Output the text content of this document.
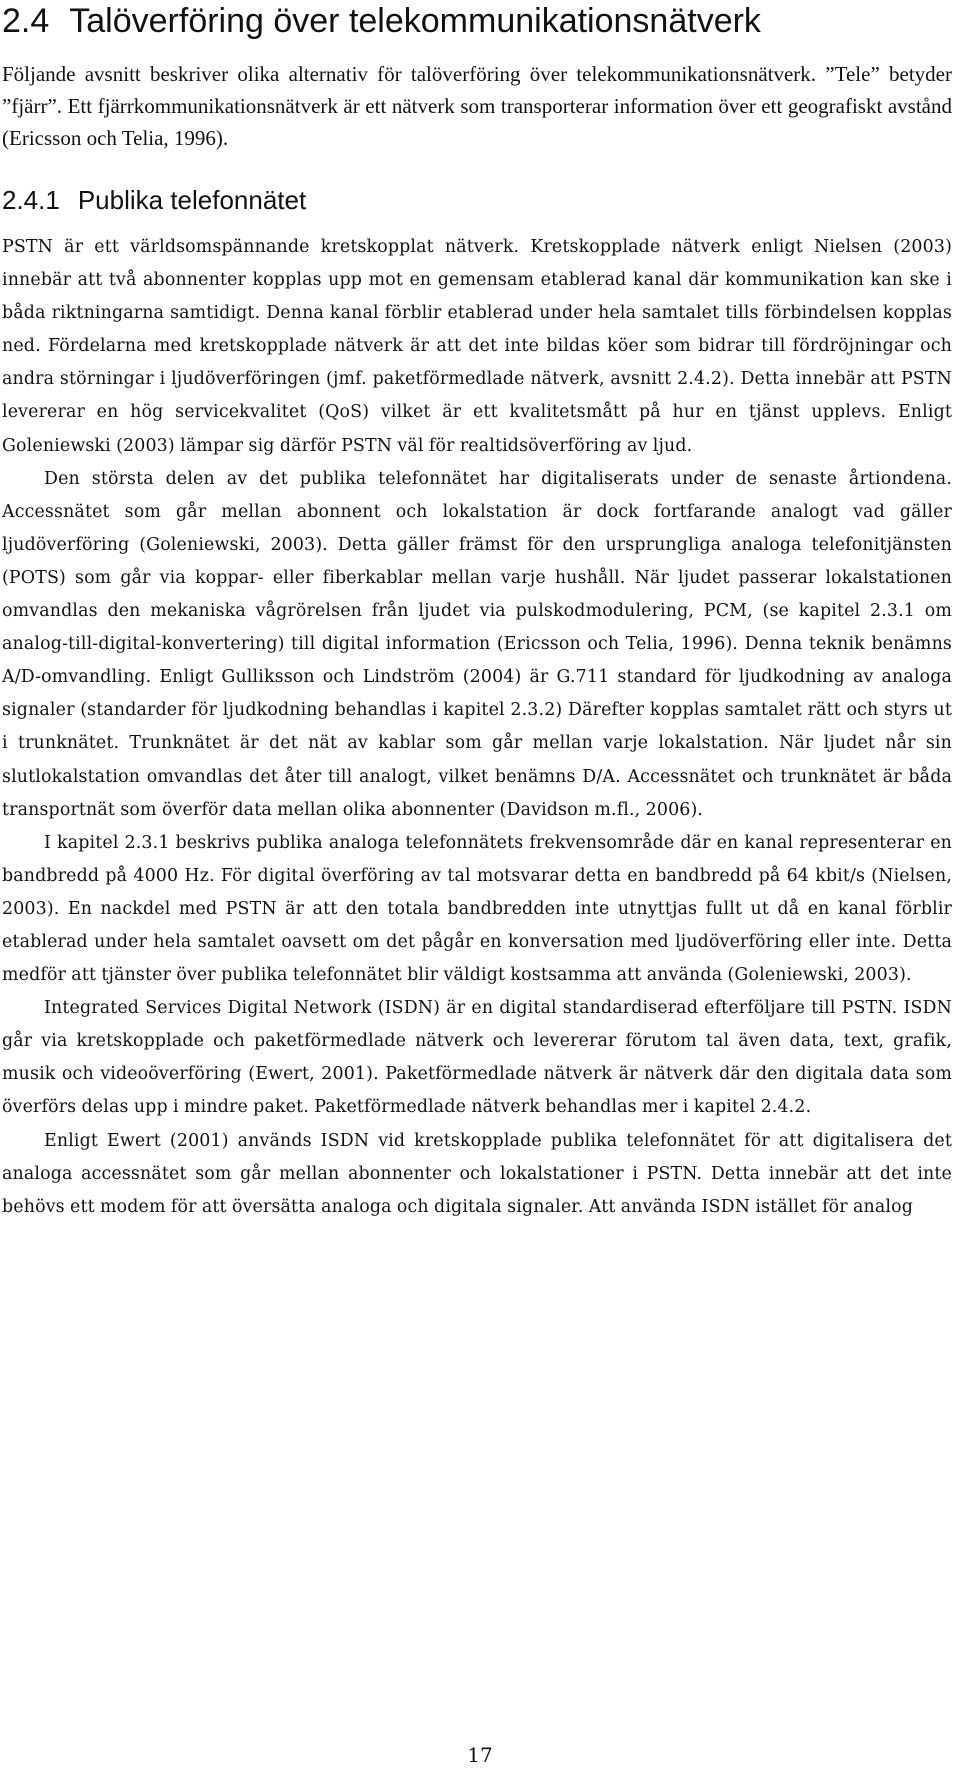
2.4 Talöverföring över telekommunikationsnätverk

Följande avsnitt beskriver olika alternativ för talöverföring över telekommunikationsnätverk. ”Tele” betyder ”fjärr”. Ett fjärrkommunikationsnätverk är ett nätverk som transporterar information över ett geografiskt avstånd (Ericsson och Telia, 1996).

2.4.1 Publika telefonnätet

PSTN är ett världsomspännande kretskopplat nätverk. Kretskopplade nätverk enligt Nielsen (2003) innebär att två abonnenter kopplas upp mot en gemensam etablerad kanal där kommunikation kan ske i båda riktningarna samtidigt. Denna kanal förblir etablerad under hela samtalet tills förbindelsen kopplas ned. Fördelarna med kretskopplade nätverk är att det inte bildas köer som bidrar till fördröjningar och andra störningar i ljudöverföringen (jmf. paketförmedlade nätverk, avsnitt 2.4.2). Detta innebär att PSTN levererar en hög servicekvalitet (QoS) vilket är ett kvalitetsmått på hur en tjänst upplevs. Enligt Goleniewski (2003) lämpar sig därför PSTN väl för realtidsöverföring av ljud.

Den största delen av det publika telefonnätet har digitaliserats under de senaste årtiondena. Accessnätet som går mellan abonnent och lokalstation är dock fortfarande analogt vad gäller ljudöverföring (Goleniewski, 2003). Detta gäller främst för den ursprungliga analoga telefonitjänsten (POTS) som går via koppar- eller fiberkablar mellan varje hushåll. När ljudet passerar lokalstationen omvandlas den mekaniska vågrörelsen från ljudet via pulskodmodulering, PCM, (se kapitel 2.3.1 om analog-till-digital-konvertering) till digital information (Ericsson och Telia, 1996). Denna teknik benämns A/D-omvandling. Enligt Gulliksson och Lindström (2004) är G.711 standard för ljudkodning av analoga signaler (standarder för ljudkodning behandlas i kapitel 2.3.2) Därefter kopplas samtalet rätt och styrs ut i trunknätet. Trunknätet är det nät av kablar som går mellan varje lokalstation. När ljudet når sin slutlokalstation omvandlas det åter till analogt, vilket benämns D/A. Accessnätet och trunknätet är båda transportnät som överför data mellan olika abonnenter (Davidson m.fl., 2006).

I kapitel 2.3.1 beskrivs publika analoga telefonnätets frekvensområde där en kanal representerar en bandbredd på 4000 Hz. För digital överföring av tal motsvarar detta en bandbredd på 64 kbit/s (Nielsen, 2003). En nackdel med PSTN är att den totala bandbredden inte utnyttjas fullt ut då en kanal förblir etablerad under hela samtalet oavsett om det pågår en konversation med ljudöverföring eller inte. Detta medför att tjänster över publika telefonnätet blir väldigt kostsamma att använda (Goleniewski, 2003).

Integrated Services Digital Network (ISDN) är en digital standardiserad efterföljare till PSTN. ISDN går via kretskopplade och paketförmedlade nätverk och levererar förutom tal även data, text, grafik, musik och videoöverföring (Ewert, 2001). Paketförmedlade nätverk är nätverk där den digitala data som överförs delas upp i mindre paket. Paketförmedlade nätverk behandlas mer i kapitel 2.4.2.

Enligt Ewert (2001) används ISDN vid kretskopplade publika telefonnätet för att digitalisera det analoga accessnätet som går mellan abonnenter och lokalstationer i PSTN. Detta innebär att det inte behövs ett modem för att översätta analoga och digitala signaler. Att använda ISDN istället för analog

17
